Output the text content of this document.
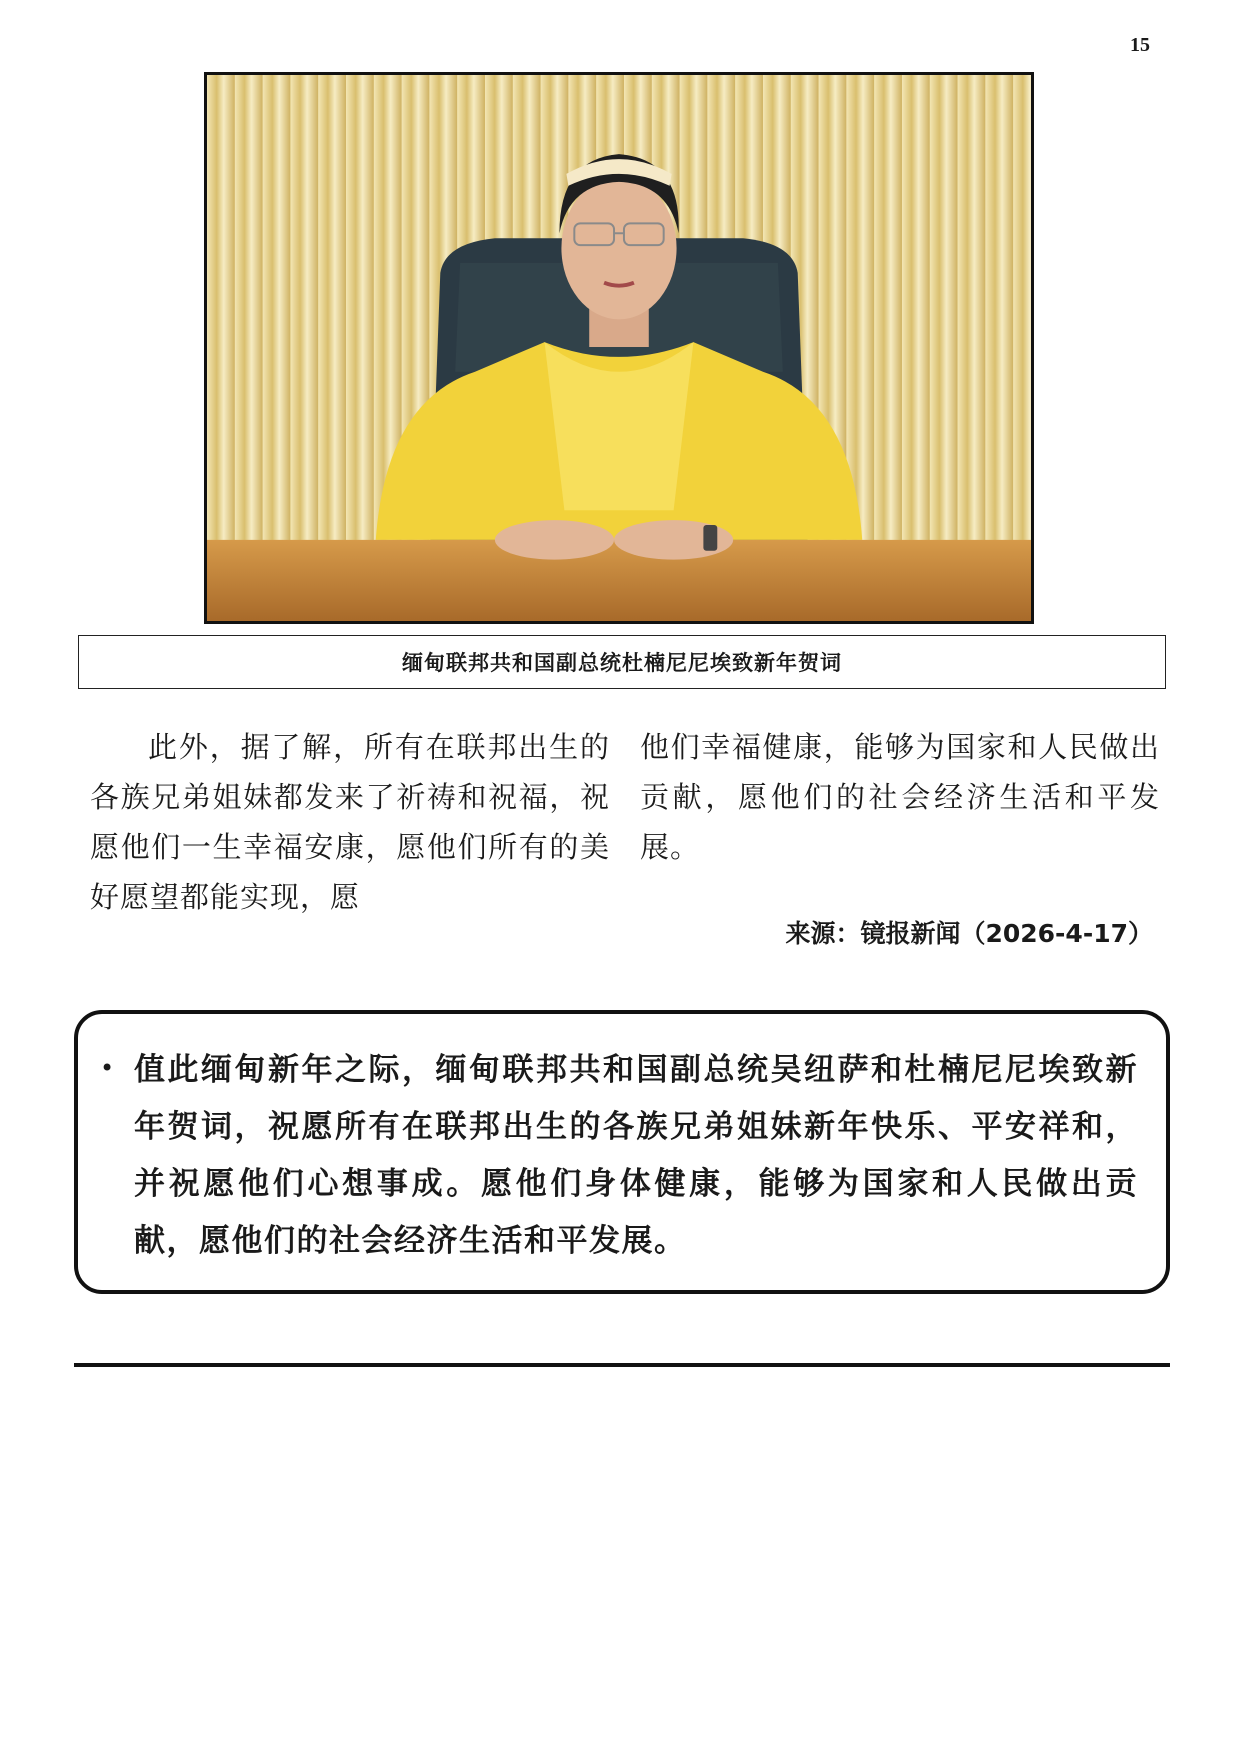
15
缅甸联邦共和国副总统杜楠尼尼埃致新年贺词

此外，据了解，所有在联邦出生的各族兄弟姐妹都发来了祈祷和祝福，祝愿他们一生幸福安康，愿他们所有的美好愿望都能实现，愿

他们幸福健康，能够为国家和人民做出贡献，愿他们的社会经济生活和平发展。

来源：镜报新闻（2026-4-17）
• 值此缅甸新年之际，缅甸联邦共和国副总统吴纽萨和杜楠尼尼埃致新年贺词，祝愿所有在联邦出生的各族兄弟姐妹新年快乐、平安祥和，并祝愿他们心想事成。愿他们身体健康，能够为国家和人民做出贡献，愿他们的社会经济生活和平发展。
